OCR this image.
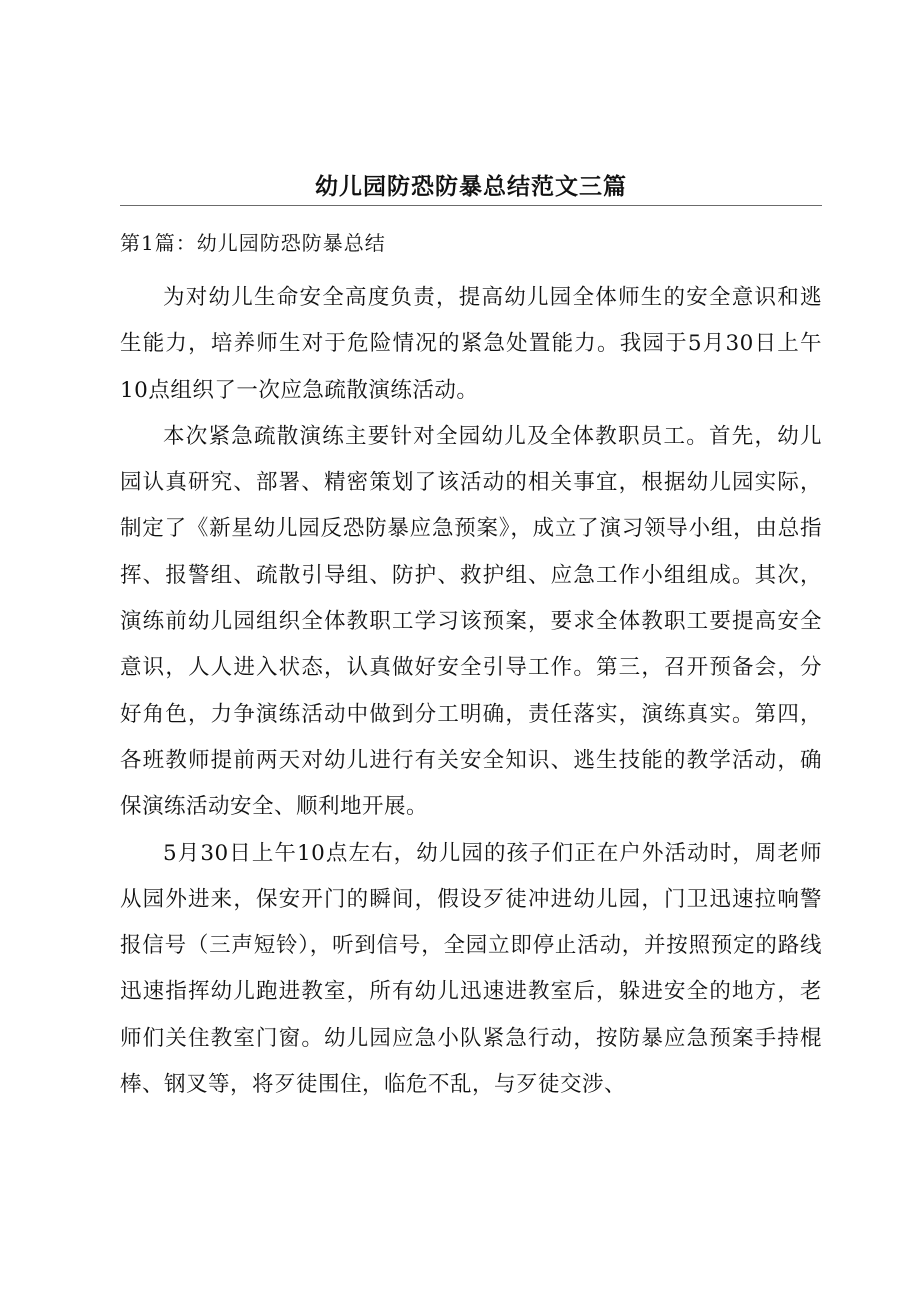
幼儿园防恐防暴总结范文三篇
第1篇：幼儿园防恐防暴总结

为对幼儿生命安全高度负责，提高幼儿园全体师生的安全意识和逃生能力，培养师生对于危险情况的紧急处置能力。我园于5月30日上午10点组织了一次应急疏散演练活动。

本次紧急疏散演练主要针对全园幼儿及全体教职员工。首先，幼儿园认真研究、部署、精密策划了该活动的相关事宜，根据幼儿园实际，制定了《新星幼儿园反恐防暴应急预案》，成立了演习领导小组，由总指挥、报警组、疏散引导组、防护、救护组、应急工作小组组成。其次，演练前幼儿园组织全体教职工学习该预案，要求全体教职工要提高安全意识，人人进入状态，认真做好安全引导工作。第三，召开预备会，分好角色，力争演练活动中做到分工明确，责任落实，演练真实。第四，各班教师提前两天对幼儿进行有关安全知识、逃生技能的教学活动，确保演练活动安全、顺利地开展。

5月30日上午10点左右，幼儿园的孩子们正在户外活动时，周老师从园外进来，保安开门的瞬间，假设歹徒冲进幼儿园，门卫迅速拉响警报信号（三声短铃），听到信号，全园立即停止活动，并按照预定的路线迅速指挥幼儿跑进教室，所有幼儿迅速进教室后，躲进安全的地方，老师们关住教室门窗。幼儿园应急小队紧急行动，按防暴应急预案手持棍棒、钢叉等，将歹徒围住，临危不乱，与歹徒交涉、
